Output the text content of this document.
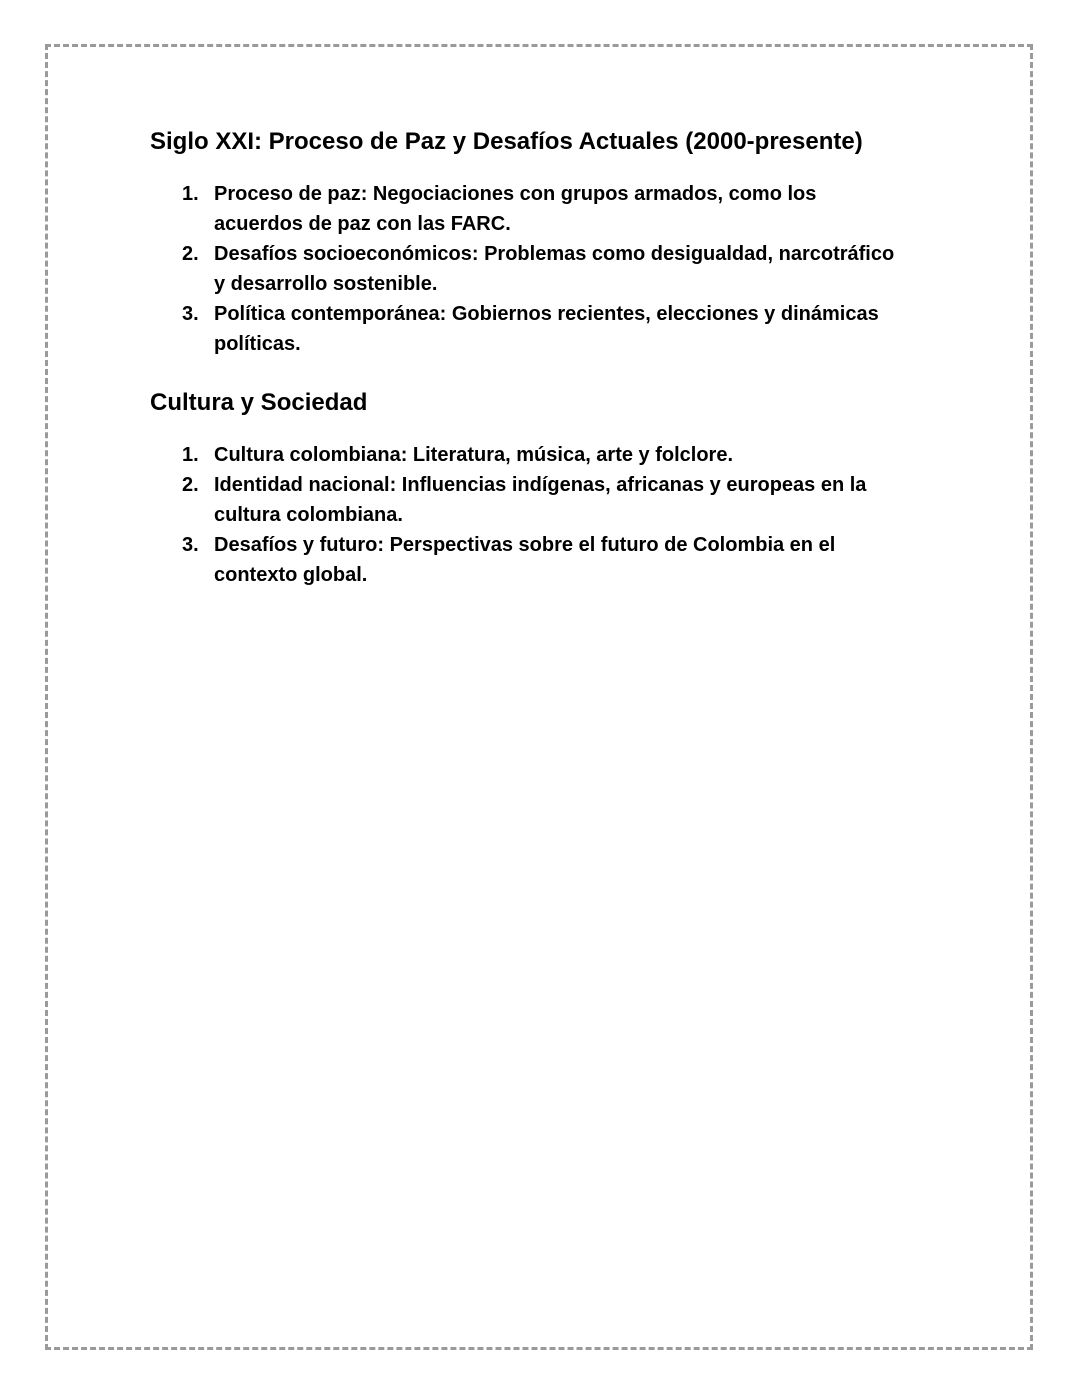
Siglo XXI: Proceso de Paz y Desafíos Actuales (2000-presente)
1. Proceso de paz: Negociaciones con grupos armados, como los acuerdos de paz con las FARC.
2. Desafíos socioeconómicos: Problemas como desigualdad, narcotráfico y desarrollo sostenible.
3. Política contemporánea: Gobiernos recientes, elecciones y dinámicas políticas.
Cultura y Sociedad
1. Cultura colombiana: Literatura, música, arte y folclore.
2. Identidad nacional: Influencias indígenas, africanas y europeas en la cultura colombiana.
3. Desafíos y futuro: Perspectivas sobre el futuro de Colombia en el contexto global.
